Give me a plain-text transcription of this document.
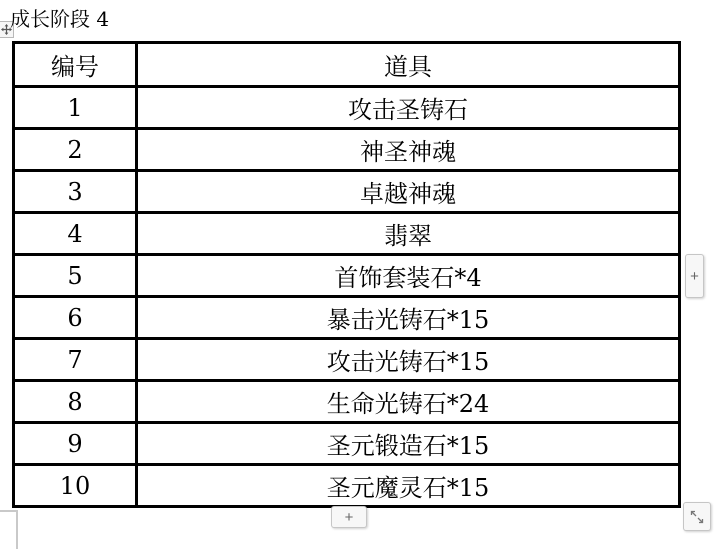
成长阶段 4
编号	道具
1	攻击圣铸石
2	神圣神魂
3	卓越神魂
4	翡翠
5	首饰套装石*4
6	暴击光铸石*15
7	攻击光铸石*15
8	生命光铸石*24
9	圣元锻造石*15
10	圣元魔灵石*15
+
+
